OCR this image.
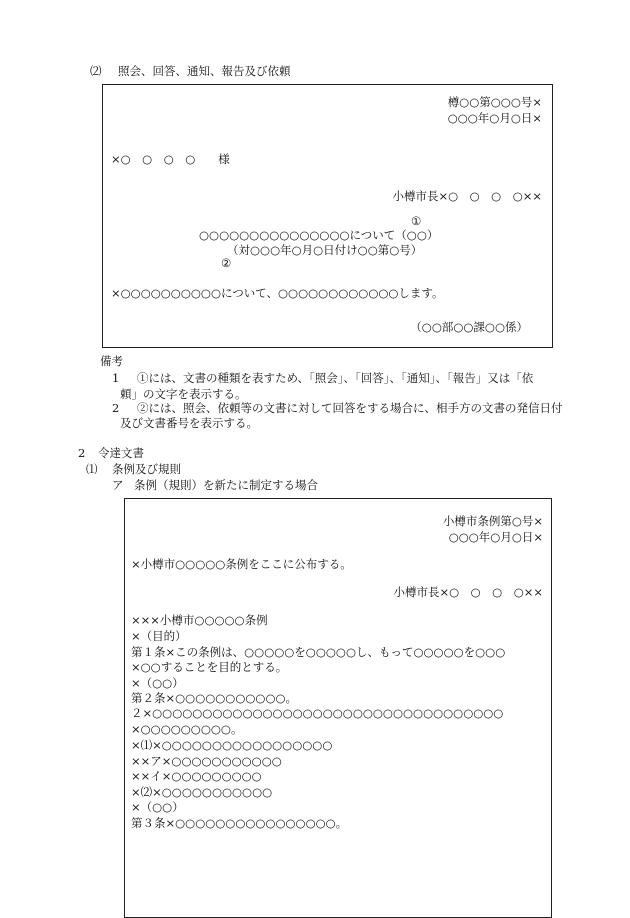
⑵ 照会、回答、通知、報告及び依頼
樽○○第○○○号×
○○○年○月○日×
×○　○　○　○　　様
小樽市長×○　○　○　○××
①
○○○○○○○○○○○○○○○について（○○）
（対○○○年○月○日付け○○第○号）
②
×○○○○○○○○○○について、○○○○○○○○○○○○します。
（○○部○○課○○係）
備考
1 ①には、文書の種類を表すため、「照会」、「回答」、「通知」、「報告」又は「依
頼」の文字を表示する。
2 ②には、照会、依頼等の文書に対して回答をする場合に、相手方の文書の発信日付
及び文書番号を表示する。
2 令達文書
⑴ 条例及び規則
ア 条例（規則）を新たに制定する場合
小樽市条例第○号×
○○○年○月○日×
×小樽市○○○○○条例をここに公布する。
小樽市長×○　○　○　○××
×××小樽市○○○○○条例
×（目的）
第１条×この条例は、○○○○○を○○○○○し、もって○○○○○を○○○
×○○することを目的とする。
×（○○）
第２条×○○○○○○○○○○○。
２×○○○○○○○○○○○○○○○○○○○○○○○○○○○○○○○○○○○
×○○○○○○○○○。
×⑴×○○○○○○○○○○○○○○○○○
××ア×○○○○○○○○○○○
××イ×○○○○○○○○○
×⑵×○○○○○○○○○○○
×（○○）
第３条×○○○○○○○○○○○○○○○○。
